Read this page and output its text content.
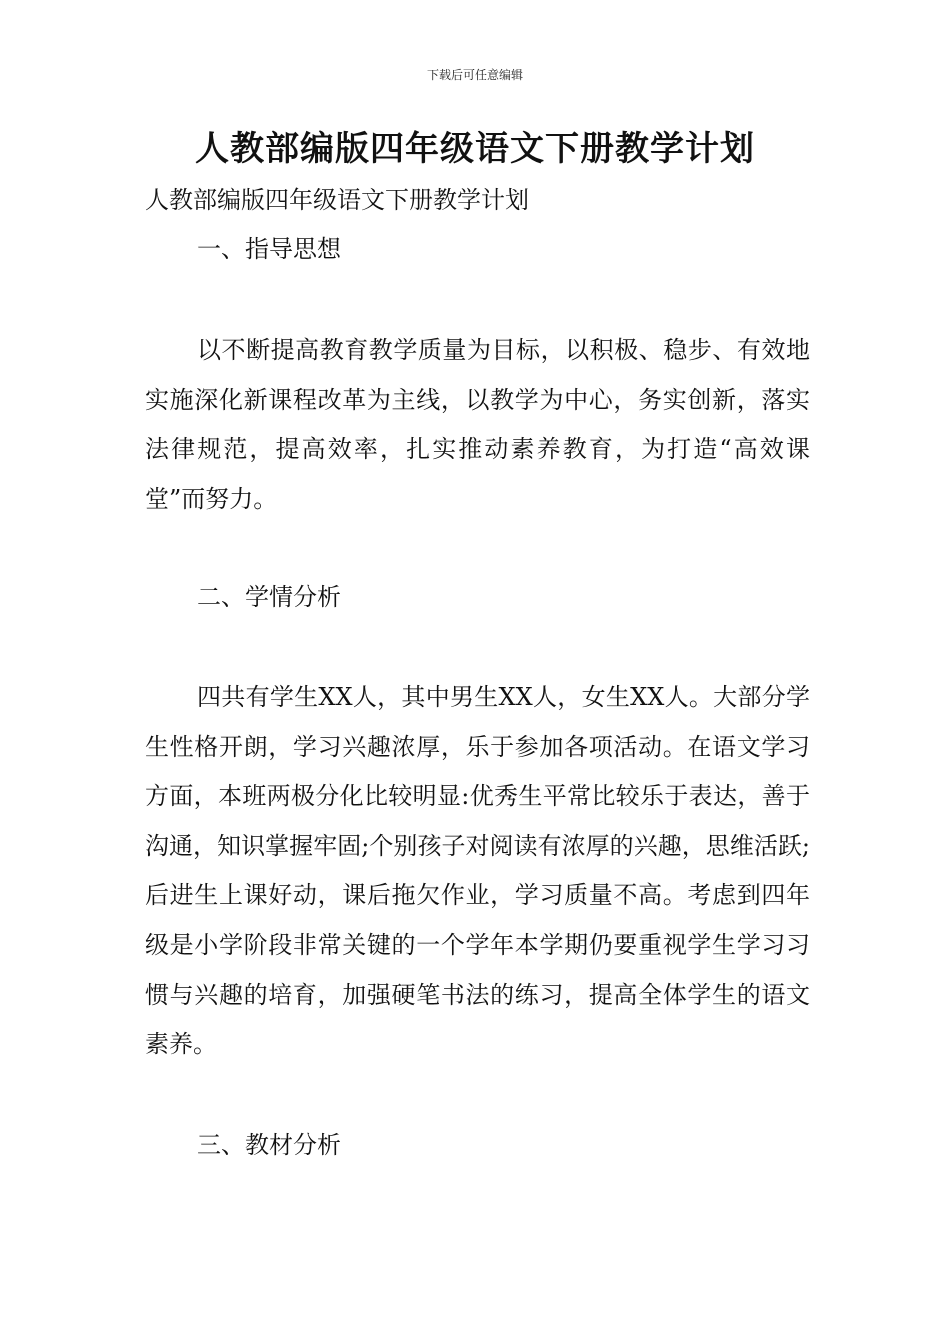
下载后可任意编辑
人教部编版四年级语文下册教学计划

人教部编版四年级语文下册教学计划

一、指导思想

以不断提高教育教学质量为目标，以积极、稳步、有效地实施深化新课程改革为主线，以教学为中心，务实创新，落实法律规范，提高效率，扎实推动素养教育，为打造“高效课堂”而努力。

二、学情分析

四共有学生XX人，其中男生XX人，女生XX人。大部分学生性格开朗，学习兴趣浓厚，乐于参加各项活动。在语文学习方面，本班两极分化比较明显:优秀生平常比较乐于表达，善于沟通，知识掌握牢固;个别孩子对阅读有浓厚的兴趣，思维活跃;后进生上课好动，课后拖欠作业，学习质量不高。考虑到四年级是小学阶段非常关键的一个学年本学期仍要重视学生学习习惯与兴趣的培育，加强硬笔书法的练习，提高全体学生的语文素养。

三、教材分析
